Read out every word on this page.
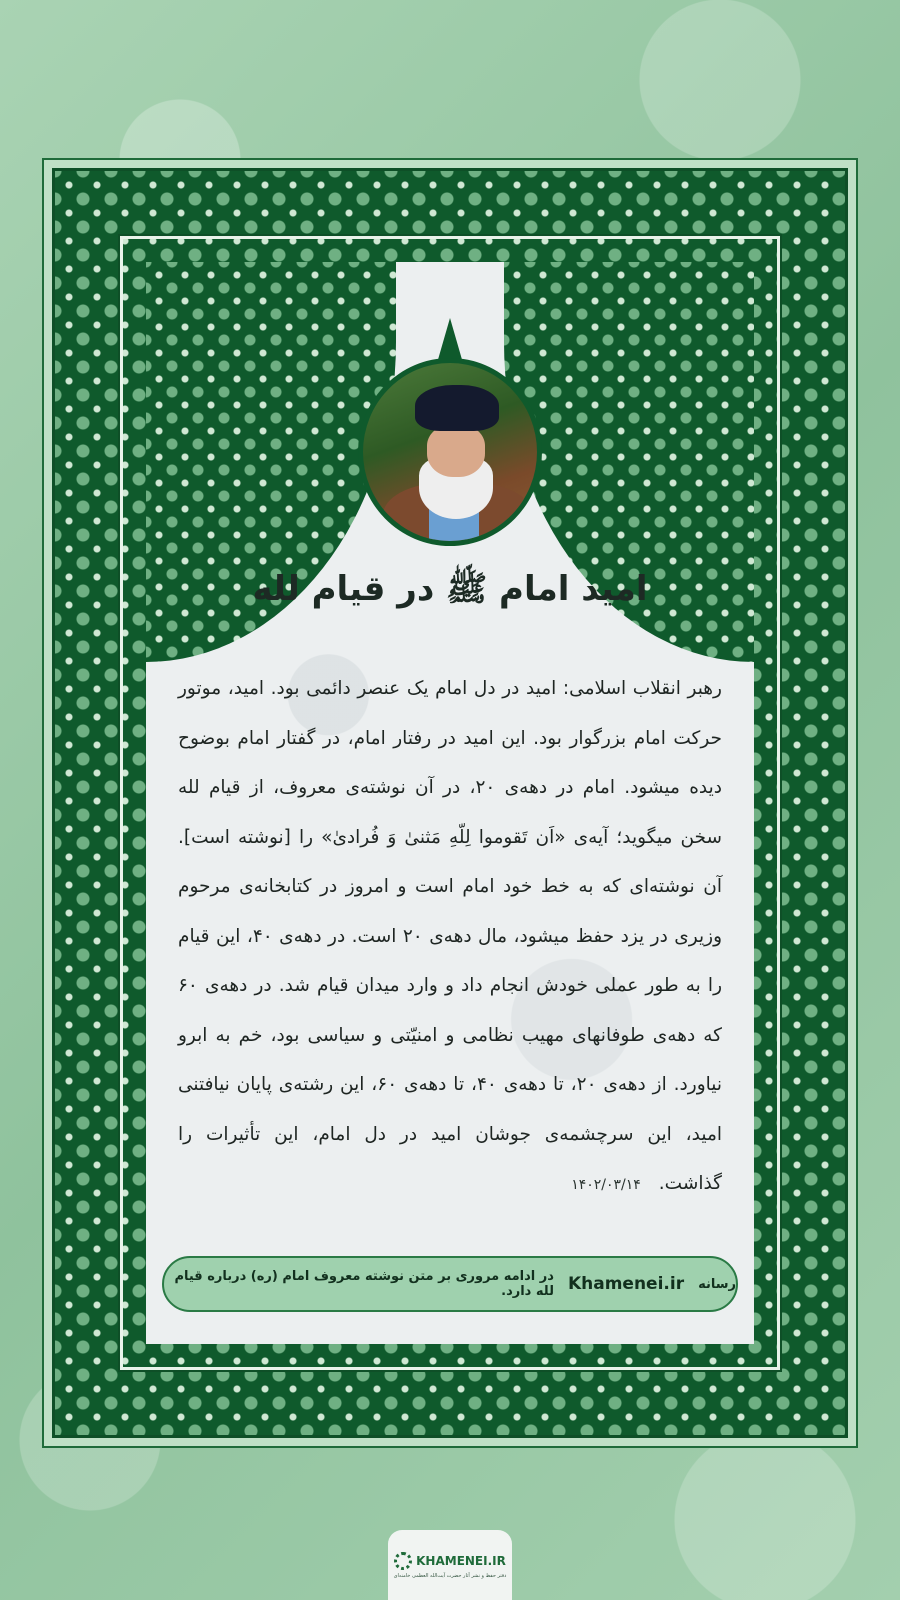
امید امام ﷺ در قیام لله
رهبر انقلاب اسلامی: امید در دل امام یک عنصر دائمی بود. امید، موتور حرکت امام بزرگوار بود. این امید در رفتار امام، در گفتار امام بوضوح دیده میشود. امام در دهه‌ی ۲۰، در آن نوشته‌ی معروف، از قیام لله سخن میگوید؛ آیه‌ی «اَن تَقوموا لِلّهِ مَثنیٰ وَ فُرادیٰ» را [نوشته است]. آن نوشته‌ای که به خط خود امام است و امروز در کتابخانه‌ی مرحوم وزیری در یزد حفظ میشود، مال دهه‌ی ۲۰ است. در دهه‌ی ۴۰، این قیام را به طور عملی خودش انجام داد و وارد میدان قیام شد. در دهه‌ی ۶۰ که دهه‌ی طوفانهای مهیب نظامی و امنیّتی و سیاسی بود، خم به ابرو نیاورد. از دهه‌ی ۲۰، تا دهه‌ی ۴۰، تا دهه‌ی ۶۰، این رشته‌ی پایان نیافتنی امید، این سرچشمه‌ی جوشان امید در دل امام، این تأثیرات را گذاشت.۱۴۰۲/۰۳/۱۴
رسانه
Khamenei.ir
در ادامه مروری بر متن نوشته معروف امام (ره) درباره قیام لله دارد.
KHAMENEI.IR
دفتر حفظ و نشر آثار حضرت آیت‌الله العظمی خامنه‌ای
